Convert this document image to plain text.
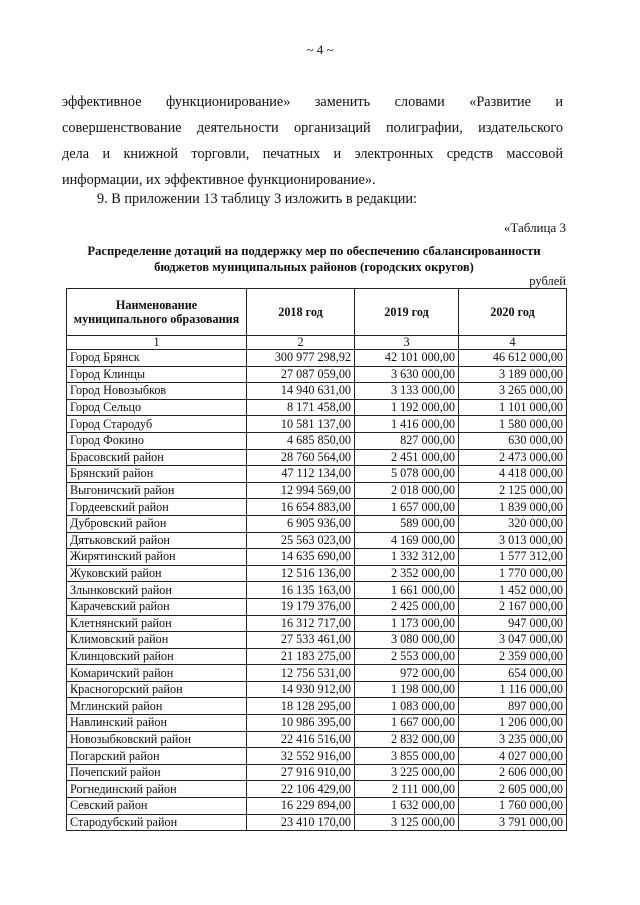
~ 4 ~
эффективное функционирование» заменить словами «Развитие и
совершенствование деятельности организаций полиграфии, издательского
дела и книжной торговли, печатных и электронных средств массовой
информации, их эффективное функционирование».
9. В приложении 13 таблицу 3 изложить в редакции:
«Таблица 3
Распределение дотаций на поддержку мер по обеспечению сбалансированности
бюджетов муниципальных районов (городских округов)
рублей
Наименование муниципального образования	2018 год	2019 год	2020 год
1	2	3	4
Город Брянск	300 977 298,92	42 101 000,00	46 612 000,00
Город Клинцы	27 087 059,00	3 630 000,00	3 189 000,00
Город Новозыбков	14 940 631,00	3 133 000,00	3 265 000,00
Город Сельцо	8 171 458,00	1 192 000,00	1 101 000,00
Город Стародуб	10 581 137,00	1 416 000,00	1 580 000,00
Город Фокино	4 685 850,00	827 000,00	630 000,00
Брасовский район	28 760 564,00	2 451 000,00	2 473 000,00
Брянский район	47 112 134,00	5 078 000,00	4 418 000,00
Выгоничский район	12 994 569,00	2 018 000,00	2 125 000,00
Гордеевский район	16 654 883,00	1 657 000,00	1 839 000,00
Дубровский район	6 905 936,00	589 000,00	320 000,00
Дятьковский район	25 563 023,00	4 169 000,00	3 013 000,00
Жирятинский район	14 635 690,00	1 332 312,00	1 577 312,00
Жуковский район	12 516 136,00	2 352 000,00	1 770 000,00
Злынковский район	16 135 163,00	1 661 000,00	1 452 000,00
Карачевский район	19 179 376,00	2 425 000,00	2 167 000,00
Клетнянский район	16 312 717,00	1 173 000,00	947 000,00
Климовский район	27 533 461,00	3 080 000,00	3 047 000,00
Клинцовский район	21 183 275,00	2 553 000,00	2 359 000,00
Комаричский район	12 756 531,00	972 000,00	654 000,00
Красногорский район	14 930 912,00	1 198 000,00	1 116 000,00
Мглинский район	18 128 295,00	1 083 000,00	897 000,00
Навлинский район	10 986 395,00	1 667 000,00	1 206 000,00
Новозыбковский район	22 416 516,00	2 832 000,00	3 235 000,00
Погарский район	32 552 916,00	3 855 000,00	4 027 000,00
Почепский район	27 916 910,00	3 225 000,00	2 606 000,00
Рогнединский район	22 106 429,00	2 111 000,00	2 605 000,00
Севский район	16 229 894,00	1 632 000,00	1 760 000,00
Стародубский район	23 410 170,00	3 125 000,00	3 791 000,00
